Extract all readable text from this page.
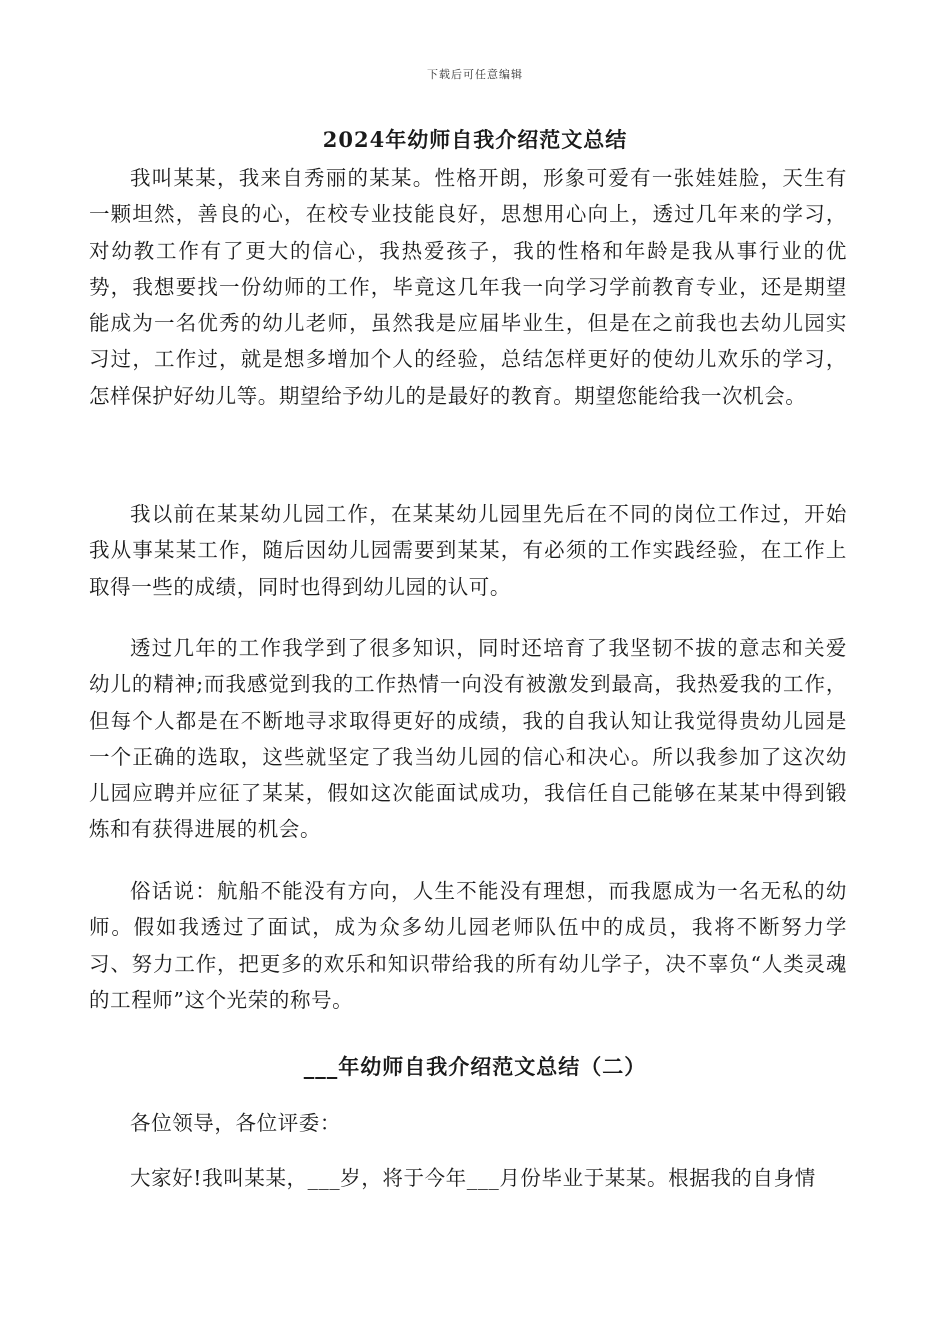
下载后可任意编辑
2024年幼师自我介绍范文总结

我叫某某，我来自秀丽的某某。性格开朗，形象可爱有一张娃娃脸，天生有一颗坦然，善良的心，在校专业技能良好，思想用心向上，透过几年来的学习，对幼教工作有了更大的信心，我热爱孩子，我的性格和年龄是我从事行业的优势，我想要找一份幼师的工作，毕竟这几年我一向学习学前教育专业，还是期望能成为一名优秀的幼儿老师，虽然我是应届毕业生，但是在之前我也去幼儿园实习过，工作过，就是想多增加个人的经验，总结怎样更好的使幼儿欢乐的学习，怎样保护好幼儿等。期望给予幼儿的是最好的教育。期望您能给我一次机会。

我以前在某某幼儿园工作，在某某幼儿园里先后在不同的岗位工作过，开始我从事某某工作，随后因幼儿园需要到某某，有必须的工作实践经验，在工作上取得一些的成绩，同时也得到幼儿园的认可。

透过几年的工作我学到了很多知识，同时还培育了我坚韧不拔的意志和关爱幼儿的精神;而我感觉到我的工作热情一向没有被激发到最高，我热爱我的工作，但每个人都是在不断地寻求取得更好的成绩，我的自我认知让我觉得贵幼儿园是一个正确的选取，这些就坚定了我当幼儿园的信心和决心。所以我参加了这次幼儿园应聘并应征了某某，假如这次能面试成功，我信任自己能够在某某中得到锻炼和有获得进展的机会。

俗话说：航船不能没有方向，人生不能没有理想，而我愿成为一名无私的幼师。假如我透过了面试，成为众多幼儿园老师队伍中的成员，我将不断努力学习、努力工作，把更多的欢乐和知识带给我的所有幼儿学子，决不辜负“人类灵魂的工程师”这个光荣的称号。

___年幼师自我介绍范文总结（二）

各位领导，各位评委：

大家好!我叫某某，___岁，将于今年___月份毕业于某某。根据我的自身情
